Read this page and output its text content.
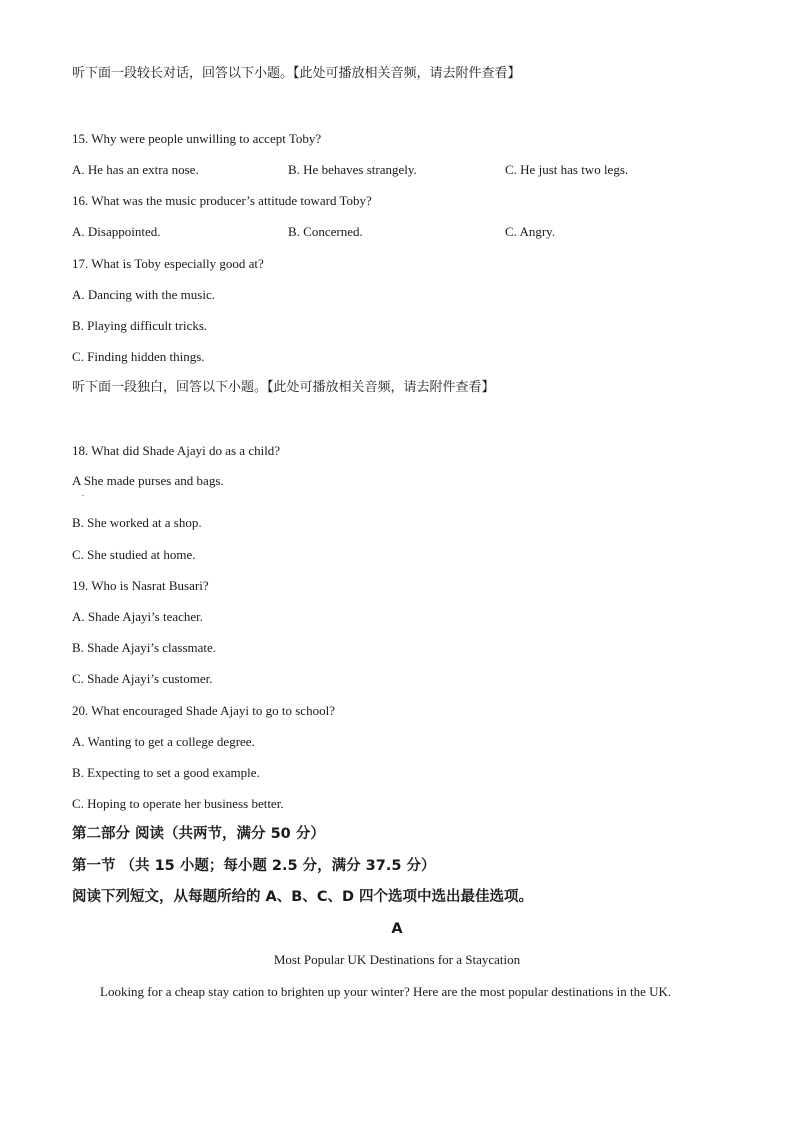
听下面一段较长对话，回答以下小题。【此处可播放相关音频，请去附件查看】
15. Why were people unwilling to accept Toby?
A. He has an extra nose.	B. He behaves strangely.	C. He just has two legs.
16. What was the music producer’s attitude toward Toby?
A. Disappointed.	B. Concerned.	C. Angry.
17. What is Toby especially good at?
A. Dancing with the music.
B. Playing difficult tricks.
C. Finding hidden things.
听下面一段独白，回答以下小题。【此处可播放相关音频，请去附件查看】
18. What did Shade Ajayi do as a child?
A She made purses and bags.
.
B. She worked at a shop.
C. She studied at home.
19. Who is Nasrat Busari?
A. Shade Ajayi’s teacher.
B. Shade Ajayi’s classmate.
C. Shade Ajayi’s customer.
20. What encouraged Shade Ajayi to go to school?
A. Wanting to get a college degree.
B. Expecting to set a good example.
C. Hoping to operate her business better.
第二部分 阅读（共两节，满分 50 分）
第一节 （共 15 小题；每小题 2.5 分，满分 37.5 分）
阅读下列短文，从每题所给的 A、B、C、D 四个选项中选出最佳选项。
A
Most Popular UK Destinations for a Staycation
Looking for a cheap stay cation to brighten up your winter? Here are the most popular destinations in the UK.
